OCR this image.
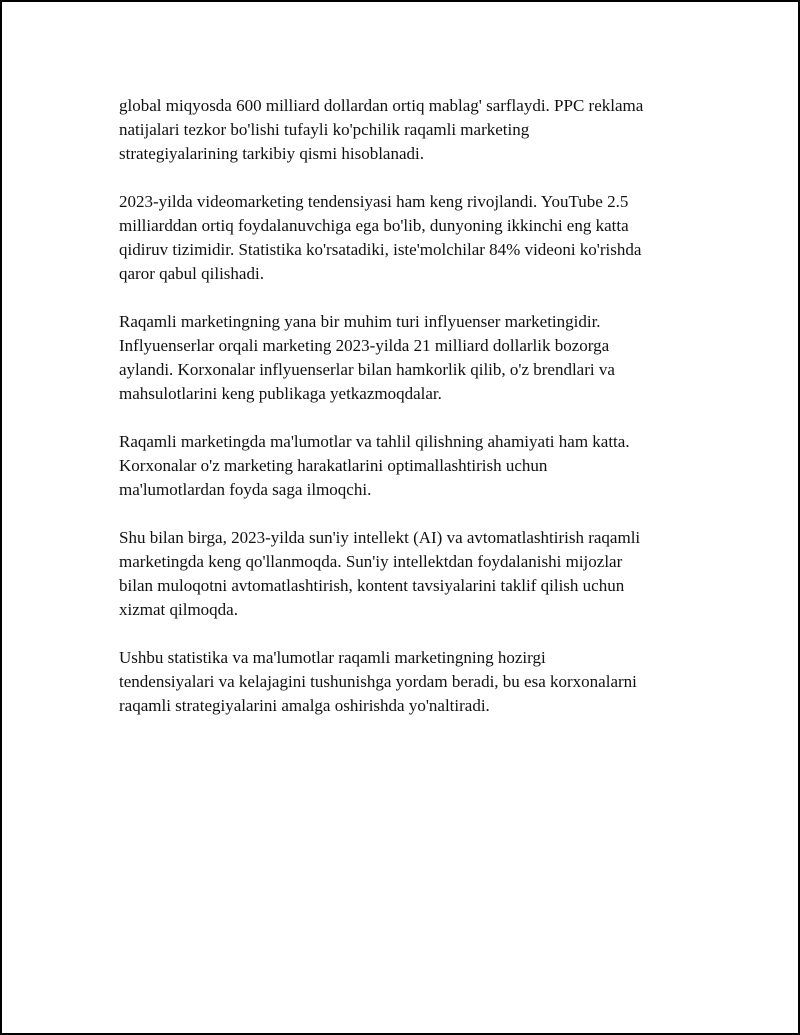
global miqyosda 600 milliard dollardan ortiq mablag' sarflaydi. PPC reklama
natijalari tezkor bo'lishi tufayli ko'pchilik raqamli marketing
strategiyalarining tarkibiy qismi hisoblanadi.

2023-yilda videomarketing tendensiyasi ham keng rivojlandi. YouTube 2.5
milliarddan ortiq foydalanuvchiga ega bo'lib, dunyoning ikkinchi eng katta
qidiruv tizimidir. Statistika ko'rsatadiki, iste'molchilar 84% videoni ko'rishda
qaror qabul qilishadi.

Raqamli marketingning yana bir muhim turi inflyuenser marketingidir.
Inflyuenserlar orqali marketing 2023-yilda 21 milliard dollarlik bozorga
aylandi. Korxonalar inflyuenserlar bilan hamkorlik qilib, o'z brendlari va
mahsulotlarini keng publikaga yetkazmoqdalar.

Raqamli marketingda ma'lumotlar va tahlil qilishning ahamiyati ham katta.
Korxonalar o'z marketing harakatlarini optimallashtirish uchun
ma'lumotlardan foyda saga ilmoqchi.

Shu bilan birga, 2023-yilda sun'iy intellekt (AI) va avtomatlashtirish raqamli
marketingda keng qo'llanmoqda. Sun'iy intellektdan foydalanishi mijozlar
bilan muloqotni avtomatlashtirish, kontent tavsiyalarini taklif qilish uchun
xizmat qilmoqda.

Ushbu statistika va ma'lumotlar raqamli marketingning hozirgi
tendensiyalari va kelajagini tushunishga yordam beradi, bu esa korxonalarni
raqamli strategiyalarini amalga oshirishda yo'naltiradi.
